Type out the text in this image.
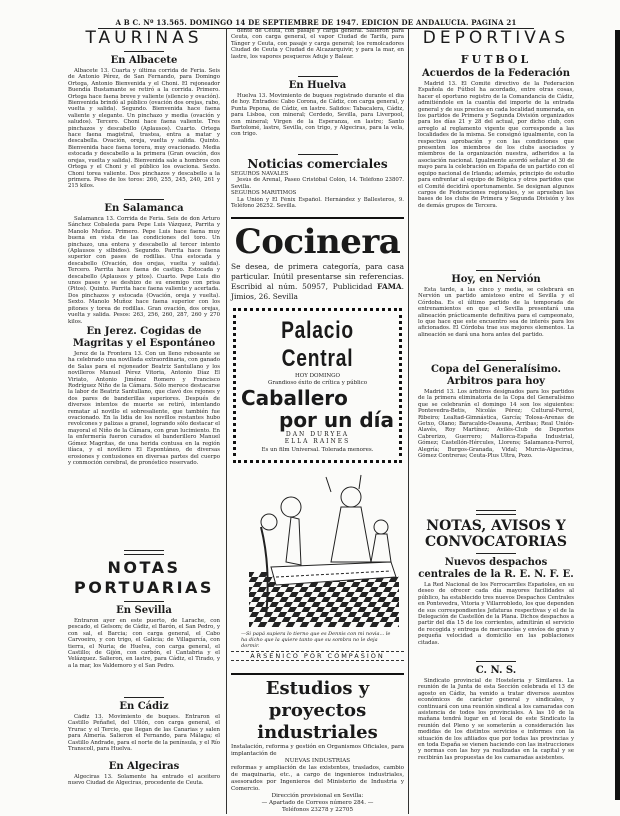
A B C. Nº 13.565. DOMINGO 14 DE SEPTIEMBRE DE 1947. EDICION DE ANDALUCIA. PAGINA 21
TAURINAS
En Albacete
Albacete 13. Cuarta y última corrida de Feria. Seis de Antonio Pérez, de San Fernando, para Domingo Ortega, Antonio Bienvenida y el Choni. El rejoneador Buendía Bustamante se retiró a la corrida. Primero. Ortega hace faena breve y valiente (silencio y ovación). Bienvenida brindó al público (ovación dos orejas, rabo, vuelta y salida). Segundo. Bienvenida hace faena valiente y elegante. Un pinchazo y media (ovación y saludos). Tercero. Choni hace faena valiente. Tres pinchazos y descabello (Aplausos). Cuarto. Ortega hace faena magistral, trastea, entra a matar y descabella. Ovación, oreja, vuelta y salida. Quinto. Bienvenida hace faena torera, muy ovacionado. Media estocada y descabello a la primera (Gran ovación, dos orejas, vuelta y salida). Bienvenida sale a hombros con Ortega y el Choni y el público los ovaciona. Sexto. Choni torea valiente. Dos pinchazos y descabello a la primera. Peso de los toros: 260, 255, 245, 240, 261 y 215 kilos.
En Salamanca
Salamanca 13. Corrida de Feria. Seis de don Arturo Sánchez Cobaleda para Pepe Luis Vázquez, Parrita y Manolo Muñoz. Primero. Pepe Luis hace faena muy buena en vista de las condiciones del toro. Un pinchazo, una entera y descabello al tercer intento (Aplausos y silbidos). Segundo. Parrita hace faena superior con pases de rodillas. Una estocada y descabello (Ovación, dos orejas, vuelta y salida). Tercero. Parrita hace faena de castigo. Estocada y descabello (Aplausos y pitos). Cuarto. Pepe Luis dio unos pases y se deshizo de su enemigo con prisa (Pitos). Quinto. Parrita hace faena valiente y acertada. Dos pinchazos y estocada (Ovación, oreja y vuelta). Sexto. Manolo Muñoz hace faena superior con los pitones y torea de rodillas. Gran ovación, dos orejas, vuelta y salida. Pesos: 263, 256, 260, 287, 260 y 270 kilos.
En Jerez. Cogidas de Magritas y el Espontáneo
Jerez de la Frontera 13. Con un lleno rebosante se ha celebrado una novillada extraordinaria, con ganado de Salas para el rejoneador Beatriz Santullano y los novilleros Manuel Pérez Vitoria, Antonio Díaz El Viriato, Antonio Jiménez Romero y Francisco Rodríguez Niño de la Cámara. Sólo merece destacarse la labor de Beatriz Santullano, que clavó dos rejones y dos pares de banderillas superiores. Después de diversos intentos de muerte se retiró, intentando rematar al novillo el sobresaliente, que también fue ovacionado. En la lidia de los novillos restantes hubo revolcones y palizas a granel, logrando sólo destacar el mayoral el Niño de la Cámara, con gran lucimiento. En la enfermería fueron curados el banderillero Manuel Gómez Magritas, de una herida contusa en la región ilíaca, y el novillero El Espontáneo, de diversas erosiones y contusiones en diversas partes del cuerpo y conmoción cerebral, de pronóstico reservado.
NOTAS PORTUARIAS
En Sevilla
Entraron ayer en este puerto, de Larache, con pescado, el Gelsom; de Cádiz, el Barón, el San Pedro, y con sal, el Barcia; con carga general, el Cabo Carvoeiro, y con trigo, el Galicia; de Villagarcía, con tierra, el Nuria; de Huelva, con carga general, el Castillo; de Gijón, con carbón, el Cantabria y el Velázquez. Salieron, en lastre, para Cádiz, el Tirado, y a la mar, los Valdemoro y el San Pedro.
En Cádiz
Cádiz 13. Movimiento de buques. Entraron el Castillo Peñafiel, del Ullón, con carga general, el Yrurac y el Tercio, que llegan de las Canarias y salen para Almería. Salieron el Fernando, para Málaga; el Castillo Andrade, para el norte de la península, y el Río Transcoll, para Huelva.
En Algeciras
Algeciras 13. Solamente ha entrado el aceitero nuevo Ciudad de Algeciras, procedente de Ceuta.
dente de Ceuta, con pasaje y carga general. Salieron para Ceuta, con carga general, el vapor Ciudad de Tarifa, para Tánger y Ceuta, con pasaje y carga general; los remolcadores Ciudad de Ceuta y Ciudad de Alcazarquivir, y para la mar, en lastre, los vapores pesqueros Aduje y Balear.
En Huelva
Huelva 13. Movimiento de buques registrado durante el día de hoy. Entrados: Cabo Corona, de Cádiz, con carga general, y Punta Pepona, de Cádiz, en lastre. Salidos: Tabacalera, Cádiz, para Lisboa, con mineral; Cerdedo, Sevilla, para Liverpool, con mineral; Virgen de la Esperanza, en lastre; Santo Bartolomé, lastre, Sevilla, con trigo, y Algeciras, para la vela, con trigo.
Noticias comerciales
SEGUROS NAVALES
Jesús de Arenal, Paseo Cristóbal Colón, 14. Teléfono 23807. Sevilla.
SEGUROS MARITIMOS
La Unión y El Fénix Español. Hernández y Ballesteros, 9. Teléfono 26252. Sevilla.
Cocinera
Se desea, de primera categoría, para casa particular. Inútil presentarse sin referencias. Escribid al núm. 50957, Publicidad FAMA. Jimios, 26. Sevilla
Palacio Central
HOY DOMINGO
Grandioso éxito de crítica y público
Caballero
por un día
DAN DURYEA
ELLA RAINES
Es un film Universal. Tolerada menores.
—Si papá supiera lo tierno que es Dennis con mi novia... le ha dicho que la quiere tanto que su sombra no le deja dormir.
ARSENICO POR COMPASION
Estudios y proyectos
industriales
Instalación, reforma y gestión en Organismos Oficiales, para implantación de
NUEVAS INDUSTRIAS
reformas y ampliación de las existentes, traslados, cambio de maquinaria, etc., a cargo de ingenieros industriales, asesorados por Ingenieros del Ministerio de Industria y Comercio.
Dirección provisional en Sevilla:
— Apartado de Correos número 284. —
Teléfonos 23278 y 22705
DEPORTIVAS
FUTBOL
Acuerdos de la Federación
Madrid 13. El Comité directivo de la Federación Española de Fútbol ha acordado, entre otras cosas, hacer el oportuno registro de la Comandancia de Cádiz, admitiéndole en la cuantía del importe de la entrada general y de sus precios en cada localidad numerada, en los partidos de Primera y Segunda División organizados para los días 21 y 28 del actual, por dicho club, con arreglo al reglamento vigente que corresponde a las localidades de la misma. Se consignó igualmente, con la respectiva aprobación y con las condiciones que presenten los miembros de los clubs asociados y miembros de la organización nuestra, adheridos a la asociación nacional. Igualmente acordó señalar el 30 de mayo para la celebración en España de un partido con el equipo nacional de Irlanda; además, principio de estudio para enfrentar al equipo de Bélgica y otros partidos que el Comité decidirá oportunamente. Se designan algunos cargos de Federaciones regionales, y se aprueban las bases de los clubs de Primera y Segunda División y los de demás grupos de Tercera.
Hoy, en Nervión
Esta tarde, a las cinco y media, se celebrará en Nervión un partido amistoso entre el Sevilla y el Córdoba. Es el último partido de la temporada de entrenamientos en que el Sevilla presentará una alineación prácticamente definitiva para el campeonato, lo que hace que este encuentro sea de interés para los aficionados. El Córdoba trae sus mejores elementos. La alineación se dará una hora antes del partido.
Copa del Generalísimo. Arbitros para hoy
Madrid 13. Los árbitros designados para los partidos de la primera eliminatoria de la Copa del Generalísimo que se celebrarán el domingo 14 son los siguientes: Pontevedra-Betis, Nicolás Pérez; Cultural-Ferrol, Ribeiro; Lealtad-Gimnástica, García; Tolosa-Arenas de Getxo, Olano; Baracaldo-Osasuna, Arribas; Real Unión-Alavés, Roy Martínez; Avilés-Club de Deportes Cabrerizo, Guerrero; Mallorca-España Industrial, Gómez; Castellón-Hércules, Llorens; Salamanca-Ferrol, Alegría; Burgos-Granada, Vidal; Murcia-Algeciras, Gómez Contreras; Ceuta-Plus Ultra, Pozo.
NOTAS, AVISOS Y CONVOCATORIAS
Nuevos despachos centrales de la R. E. N. F. E.
La Red Nacional de los Ferrocarriles Españoles, en su deseo de ofrecer cada día mayores facilidades al público, ha establecido tres nuevos Despachos Centrales en Pontevedra, Vitoria y Villarrobledo, los que dependen de sus correspondientes Jefaturas respectivas y el de la Delegación de Castellón de la Plana. Dichos despachos a partir del día 15 de los corrientes, admitirán el servicio de recogida y entrega de mercancías y envíos de gran y pequeña velocidad a domicilio en las poblaciones citadas.
C. N. S.
Sindicato provincial de Hostelería y Similares. La reunión de la Junta de esta Sección celebrada el 13 de agosto en Cádiz, ha venido a tratar diversos asuntos económicos de carácter general y sindicales, y continuará con una reunión sindical a los camaradas con asistencia de todos los provinciales. A las 10 de la mañana tendrá lugar en el local de este Sindicato la reunión del Pleno y se someterán a consideración las medidas de los distintos servicios e informes con la situación de los afiliados que por todas las provincias y en toda España se vienen haciendo con las instrucciones y normas con las hoy ya realizadas en la capital y se recibirán las propuestas de los camaradas asistentes.
